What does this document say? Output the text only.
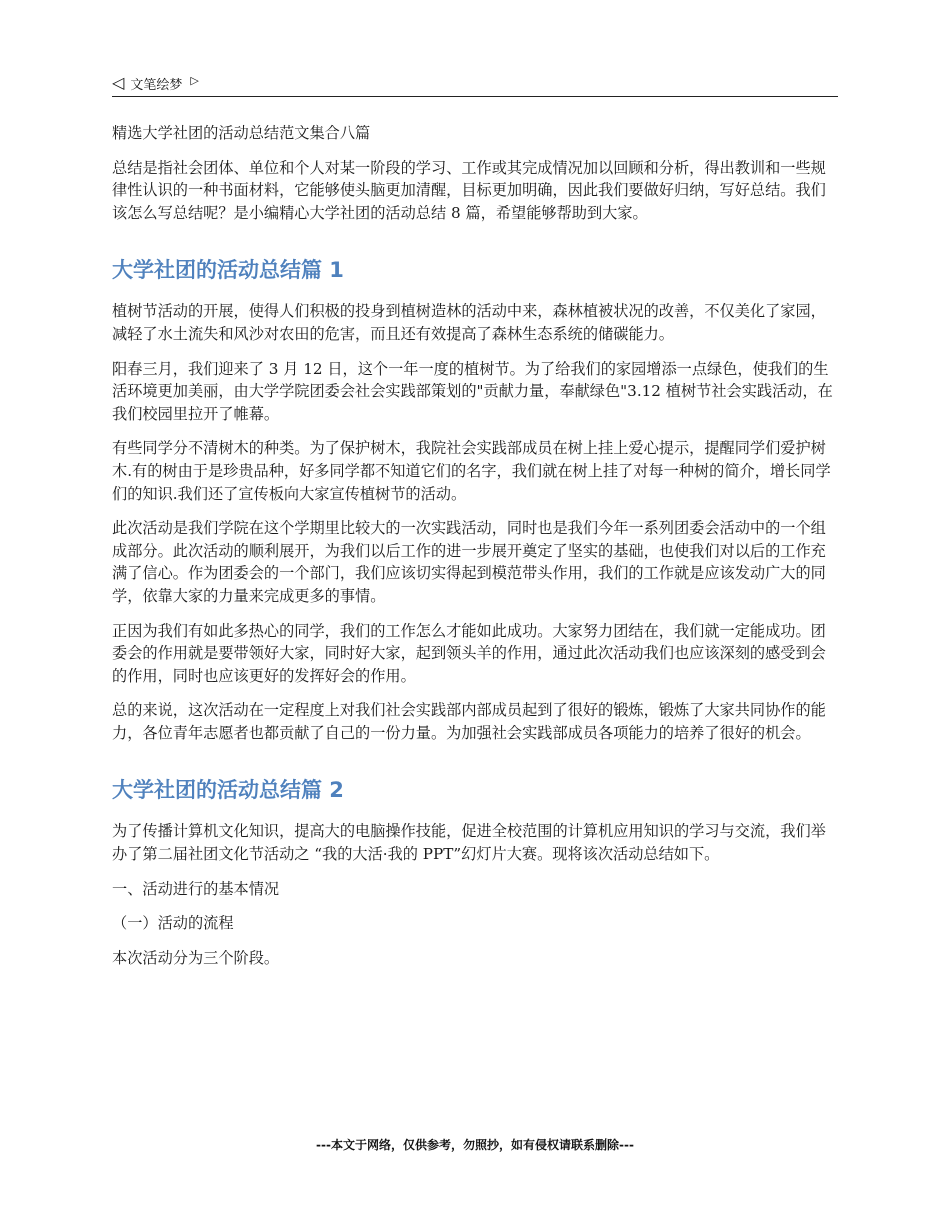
◁ 文笔绘梦 ▷

精选大学社团的活动总结范文集合八篇

总结是指社会团体、单位和个人对某一阶段的学习、工作或其完成情况加以回顾和分析，得出教训和一些规律性认识的一种书面材料，它能够使头脑更加清醒，目标更加明确，因此我们要做好归纳，写好总结。我们该怎么写总结呢？是小编精心大学社团的活动总结 8 篇，希望能够帮助到大家。

大学社团的活动总结篇 1

植树节活动的开展，使得人们积极的投身到植树造林的活动中来，森林植被状况的改善，不仅美化了家园，减轻了水土流失和风沙对农田的危害，而且还有效提高了森林生态系统的储碳能力。

阳春三月，我们迎来了 3 月 12 日，这个一年一度的植树节。为了给我们的家园增添一点绿色，使我们的生活环境更加美丽，由大学学院团委会社会实践部策划的"贡献力量，奉献绿色"3.12 植树节社会实践活动，在我们校园里拉开了帷幕。

有些同学分不清树木的种类。为了保护树木，我院社会实践部成员在树上挂上爱心提示，提醒同学们爱护树木.有的树由于是珍贵品种，好多同学都不知道它们的名字，我们就在树上挂了对每一种树的简介，增长同学们的知识.我们还了宣传板向大家宣传植树节的活动。

此次活动是我们学院在这个学期里比较大的一次实践活动，同时也是我们今年一系列团委会活动中的一个组成部分。此次活动的顺利展开，为我们以后工作的进一步展开奠定了坚实的基础，也使我们对以后的工作充满了信心。作为团委会的一个部门，我们应该切实得起到模范带头作用，我们的工作就是应该发动广大的同学，依靠大家的力量来完成更多的事情。

正因为我们有如此多热心的同学，我们的工作怎么才能如此成功。大家努力团结在，我们就一定能成功。团委会的作用就是要带领好大家，同时好大家，起到领头羊的作用，通过此次活动我们也应该深刻的感受到会的作用，同时也应该更好的发挥好会的作用。

总的来说，这次活动在一定程度上对我们社会实践部内部成员起到了很好的锻炼，锻炼了大家共同协作的能力，各位青年志愿者也都贡献了自己的一份力量。为加强社会实践部成员各项能力的培养了很好的机会。

大学社团的活动总结篇 2

为了传播计算机文化知识，提高大的电脑操作技能，促进全校范围的计算机应用知识的学习与交流，我们举办了第二届社团文化节活动之 “我的大活·我的 PPT”幻灯片大赛。现将该次活动总结如下。

一、活动进行的基本情况

（一）活动的流程

本次活动分为三个阶段。

---本文于网络，仅供参考，勿照抄，如有侵权请联系删除---
